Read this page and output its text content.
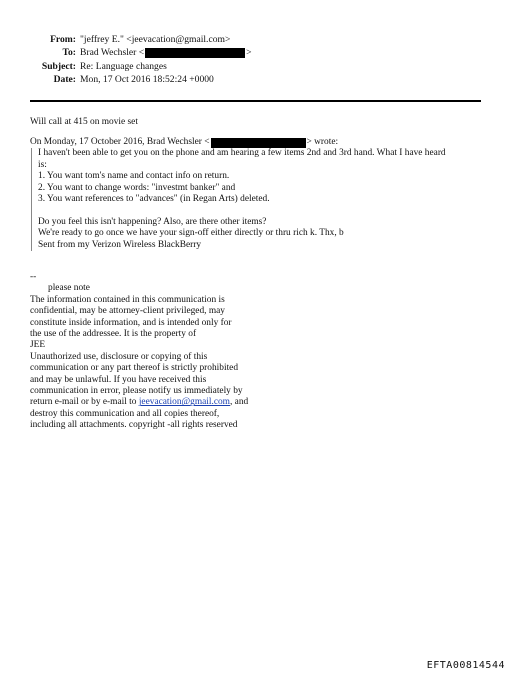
From: "jeffrey E." <jeevacation@gmail.com>
To: Brad Wechsler <	>
Subject: Re: Language changes
Date: Mon, 17 Oct 2016 18:52:24 +0000
Will call at 415 on movie set
On Monday, 17 October 2016, Brad Wechsler <	> wrote:
I haven't been able to get you on the phone and am hearing a few items 2nd and 3rd hand. What I have heard
is:
1. You want tom's name and contact info on return.
2. You want to change words: "investmt banker" and
3. You want references to "advances" (in Regan Arts) deleted.
Do you feel this isn't happening? Also, are there other items?
We're ready to go once we have your sign-off either directly or thru rich k. Thx, b
Sent from my Verizon Wireless BlackBerry
--
please note
The information contained in this communication is
confidential, may be attorney-client privileged, may
constitute inside information, and is intended only for
the use of the addressee. It is the property of
JEE
Unauthorized use, disclosure or copying of this
communication or any part thereof is strictly prohibited
and may be unlawful. If you have received this
communication in error, please notify us immediately by
return e-mail or by e-mail to jeevacation@gmail.com, and
destroy this communication and all copies thereof,
including all attachments. copyright -all rights reserved
EFTA00814544
